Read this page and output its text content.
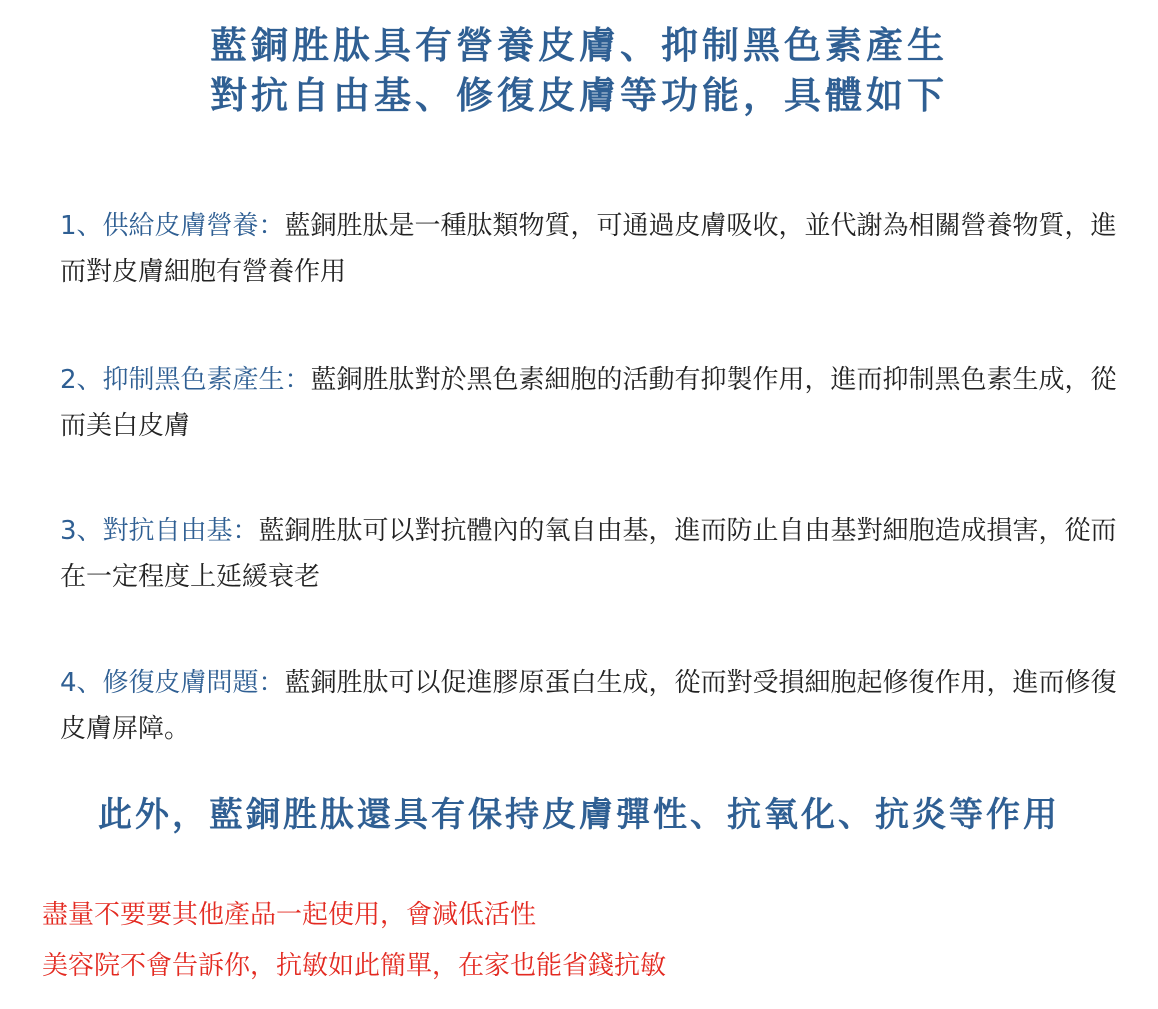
藍銅胜肽具有營養皮膚、抑制黑色素產生
對抗自由基、修復皮膚等功能，具體如下
1、供給皮膚營養：藍銅胜肽是一種肽類物質，可通過皮膚吸收，並代謝為相關營養物質，進而對皮膚細胞有營養作用
2、抑制黑色素產生：藍銅胜肽對於黑色素細胞的活動有抑製作用，進而抑制黑色素生成，從而美白皮膚
3、對抗自由基：藍銅胜肽可以對抗體內的氧自由基，進而防止自由基對細胞造成損害，從而在一定程度上延緩衰老
4、修復皮膚問題：藍銅胜肽可以促進膠原蛋白生成，從而對受損細胞起修復作用，進而修復皮膚屏障。
此外，藍銅胜肽還具有保持皮膚彈性、抗氧化、抗炎等作用
盡量不要要其他產品一起使用，會減低活性
美容院不會告訴你，抗敏如此簡單，在家也能省錢抗敏
